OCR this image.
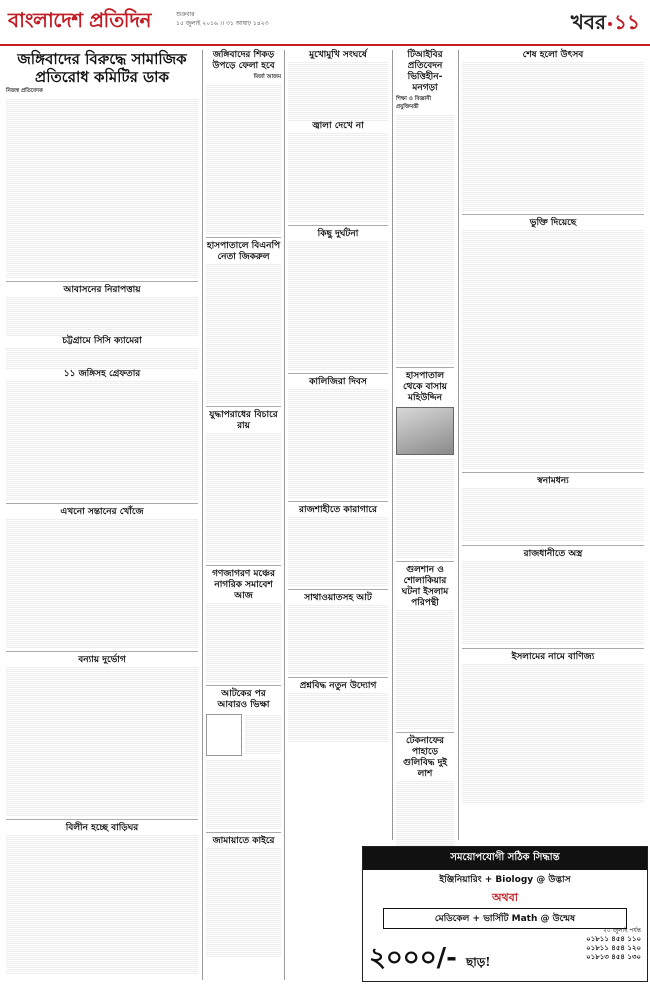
বাংলাদেশ প্রতিদিন	শুক্রবার
১৫ জুলাই ২০১৬ ।। ৩১ আষাঢ় ১৪২৩	খবর ১১
জঙ্গিবাদের বিরুদ্ধে সামাজিক প্রতিরোধ কমিটির ডাক
নিজস্ব প্রতিবেদক

আবাসনের নিরাপত্তায়

চট্টগ্রামে সিসি ক্যামেরা

১১ জঙ্গিসহ গ্রেফতার

এখনো সন্তানের খোঁজে

বন্যায় দুর্ভোগ

বিলীন হচ্ছে বাড়িঘর

জঙ্গিবাদের শিকড় উপড়ে ফেলা হবে
মির্জা আজম

হাসপাতালে বিএনপি নেতা জিকরুল

যুদ্ধাপরাধের বিচারে রায়

গণজাগরণ মঞ্চের নাগরিক সমাবেশ আজ

আটকের পর আবারও ভিক্ষা

জামায়াতে কাইরে

মুখোমুখি সংঘর্ষে

জ্বালা দেখে না

কিছু দুর্ঘটনা

কালিজিরা দিবস

রাজশাহীতে কারাগারে

সাথাওয়াতসহ আট

প্রশ্নবিদ্ধ নতুন উদ্যোগ

টিআইবির প্রতিবেদন ভিত্তিহীন-মনগড়া
শিক্ষা ও বিজ্ঞানী প্রযুক্তিমন্ত্রী

হাসপাতাল থেকে বাসায় মহিউদ্দিন

গুলশান ও শোলাকিয়ার ঘটনা ইসলাম পরিপন্থী

টেকনাফের পাহাড়ে গুলিবিদ্ধ দুই লাশ

শেষ হলো উৎসব

ভুক্তি দিয়েছে

স্বনামধন্য

রাজধানীতে অস্ত্র

ইসলামের নামে বাণিজ্য

সময়োপযোগী সঠিক সিদ্ধান্ত
ইঞ্জিনিয়ারিং + Biology @ উদ্ভাস
অথবা
মেডিকেল + ভার্সিটি Math @ উন্মেষ
২০ জুলাই পর্যন্ত
২০০০/- ছাড়!
০১৮১১ ৪৫৪ ১১০
০১৮১১ ৪৫৪ ১২০
০১৮১৩ ৪৫৪ ১৩০
